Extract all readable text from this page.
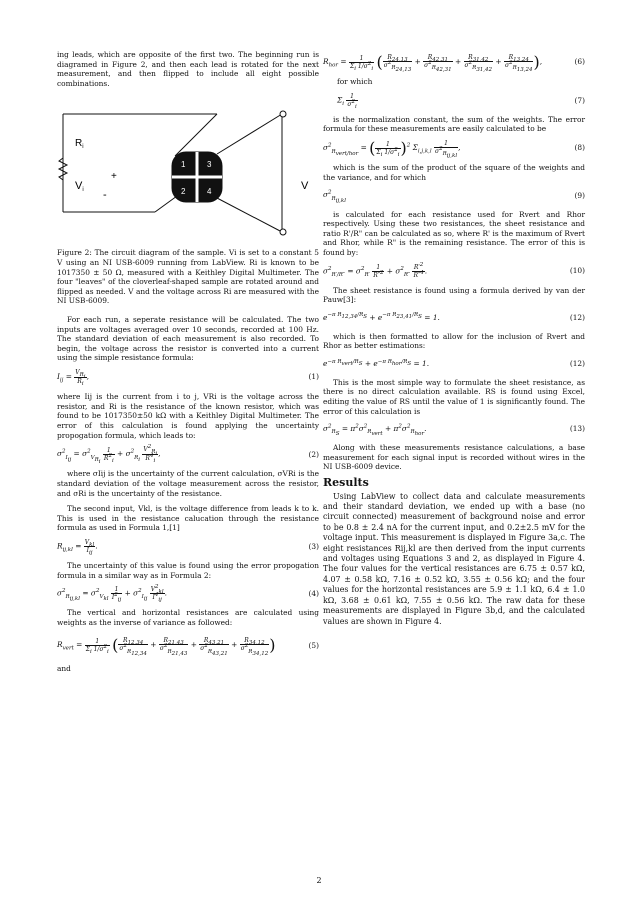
ing leads, which are opposite of the first two. The beginning run is diagramed in Figure 2, and then each lead is rotated for the next measurement, and then flipped to include all eight possible combinations.

$R_i$
Vi
+
-
V
1	3
2	4

Figure 2: The circuit diagram of the sample. Vi is set to a constant 5 V using an NI USB-6009 running from LabView. Ri is known to be 1017350 ± 50 Ω, measured with a Keithley Digital Multimeter. The four "leaves" of the cloverleaf-shaped sample are rotated around and flipped as needed. V and the voltage across Ri are measured with the NI USB-6009.

For each run, a seperate resistance will be calculated. The two inputs are voltages averaged over 10 seconds, recorded at 100 Hz. The standard deviation of each measurement is also recorded. To begin, the voltage across the resistor is converted into a current using the simple resistance formula:

$I_{ij} = \frac{V_{R_i}}{R_i}$ ,	(1)

where Iij is the current from i to j, VRi is the voltage across the resistor, and Ri is the resistance of the known resistor, which was found to be 1017350±50 kΩ with a Keithley Digital Multimeter. The error of this calculation is found applying the uncertainty propogation formula, which leads to:

$\sigma^2_{I_{ij}} = \sigma^2_{V_{R_i}}$
$\frac{1}{R^2_i} + \sigma^2_{R_i} \frac{V^2_{R_i}}{R^4_i}$ ,	(2)

where σIij is the uncertainty of the current calculation, σVRi is the standard deviation of the voltage measurement across the resistor, and σRi is the uncertainty of the resistance.

The second input, Vkl, is the voltage difference from leads k to k. This is used in the resistance calucation through the resistance formula as used in Formula 1,[1]

$R_{ij,kl} = \frac{V_{kl}}{I_{ij}}$ .	(3)

The uncertainty of this value is found using the error propogation formula in a similar way as in Formula 2:

$\sigma^2_{R_{ij,kl}} = \sigma^2_{V_{kl}} \frac{1}{I^2_{ij}} + \sigma^2_{I_{ij}} \frac{V^2_{kl}}{I^4_{ij}}$ .	(4)

The vertical and horizontal resistances are calculated using weights as the inverse of variance as followed:

$R_{vert} = \frac{1}{\Sigma_i 1/\sigma^2_i}$ ( $\frac{R_{12,34}}{\sigma^2_{R_{12,34}}} + \frac{R_{21,43}}{\sigma^2_{R_{21,43}}} + \frac{R_{43,21}}{\sigma^2_{R_{43,21}}} + \frac{R_{34,12}}{\sigma^2_{R_{34,12}}}$ )	(5)

and

$R_{hor} = \frac{1}{\Sigma_i 1/\sigma^2_i}$ ( $\frac{R_{24,13}}{\sigma^2_{R_{24,13}}} + \frac{R_{42,31}}{\sigma^2_{R_{42,31}}} + \frac{R_{31,42}}{\sigma^2_{R_{31,42}}} + \frac{R_{13,24}}{\sigma^2_{R_{13,24}}}$ ),	(6)

for which

$\Sigma_i \frac{1}{\sigma^2_i}$	(7)

is the normalization constant, the sum of the weights. The error formula for these measurements are easily calculated to be

$\sigma^2_{R_{vert/hor}}$ = ( $\frac{1}{\Sigma_i 1/\sigma^2_i} )^2$ $\Sigma_{i,j,k,l} \frac{1}{\sigma^2_{R_{ij,kl}}}$ ,	(8)

which is the sum of the product of the square of the weights and the variance, and for which

$\sigma^2_{R_{ij,kl}}$
(9)

is calculated for each resistance used for Rvert and Rhor respectively. Using these two resistances, the sheet resistance and ratio R'/R" can be calculated as so, where R' is the maximum of Rvert and Rhor, while R" is the remaining resistance. The error of this is found by:

$\sigma^2_{R'/R''} = \sigma^2_{R'} \frac{1}{R''^2} + \sigma^2_{R''} \frac{R'^2}{R''^4}$ .	(10)

The sheet resistance is found using a formula derived by van der Pauw[3]:

$e^{-\pi R_{12,34}/R_S} + e^{-\pi R_{23,41}/R_S} = 1$.	(12)

which is then formatted to allow for the inclusion of Rvert and Rhor as better estimations:

$e^{-\pi R_{vert}/R_S} + e^{-\pi R_{hor}/R_S} = 1$.	(12)

This is the most simple way to formulate the sheet resistance, as there is no direct calculation available. RS is found using Excel, editing the value of RS until the value of 1 is significantly found. The error of this calculation is

$\sigma^2_{R_S} = \pi^2\sigma^2_{R_{vert}} + \pi^2\sigma^2_{R_{hor}}$.	(13)

Along with these measurements resistance calculations, a base measurement for each signal input is recorded without wires in the NI USB-6009 device.

Results

Using LabView to collect data and calculate measurements and their standard deviation, we ended up with a base (no circuit connected) measurement of background noise and error to be 0.8 ± 2.4 nA for the current input, and 0.2±2.5 mV for the voltage input. This measurement is displayed in Figure 3a,c. The eight resistances Rij,kl are then derived from the input currents and voltages using Equations 3 and 2, as displayed in Figure 4. The four values for the vertical resistances are 6.75 ± 0.57 kΩ, 4.07 ± 0.58 kΩ, 7.16 ± 0.52 kΩ, 3.55 ± 0.56 kΩ; and the four values for the horizontal resistances are 5.9 ± 1.1 kΩ, 6.4 ± 1.0 kΩ, 3.68 ± 0.61 kΩ, 7.55 ± 0.56 kΩ. The raw data for these measurements are displayed in Figure 3b,d, and the calculated values are shown in Figure 4.

2
